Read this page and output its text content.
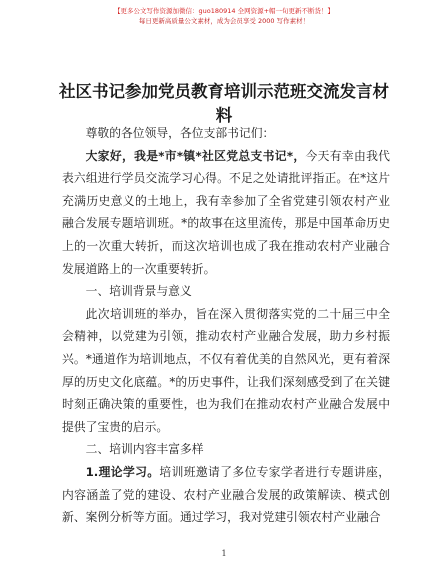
【更多公文写作资源加微信：guo180914 全网资源+帽一旬更新不断货！】
每日更新高质量公文素材，成为会员享受 2000 写作素材！
社区书记参加党员教育培训示范班交流发言材料

尊敬的各位领导，各位支部书记们：

大家好，我是*市*镇*社区党总支书记*，今天有幸由我代表六组进行学员交流学习心得。不足之处请批评指正。在*这片充满历史意义的土地上，我有幸参加了全省党建引领农村产业融合发展专题培训班。*的故事在这里流传，那是中国革命历史上的一次重大转折，而这次培训也成了我在推动农村产业融合发展道路上的一次重要转折。

一、培训背景与意义

此次培训班的举办，旨在深入贯彻落实党的二十届三中全会精神，以党建为引领，推动农村产业融合发展，助力乡村振兴。*通道作为培训地点，不仅有着优美的自然风光，更有着深厚的历史文化底蕴。*的历史事件，让我们深刻感受到了在关键时刻正确决策的重要性，也为我们在推动农村产业融合发展中提供了宝贵的启示。

二、培训内容丰富多样

1.理论学习。培训班邀请了多位专家学者进行专题讲座，内容涵盖了党的建设、农村产业融合发展的政策解读、模式创新、案例分析等方面。通过学习，我对党建引领农村产业融合

1
